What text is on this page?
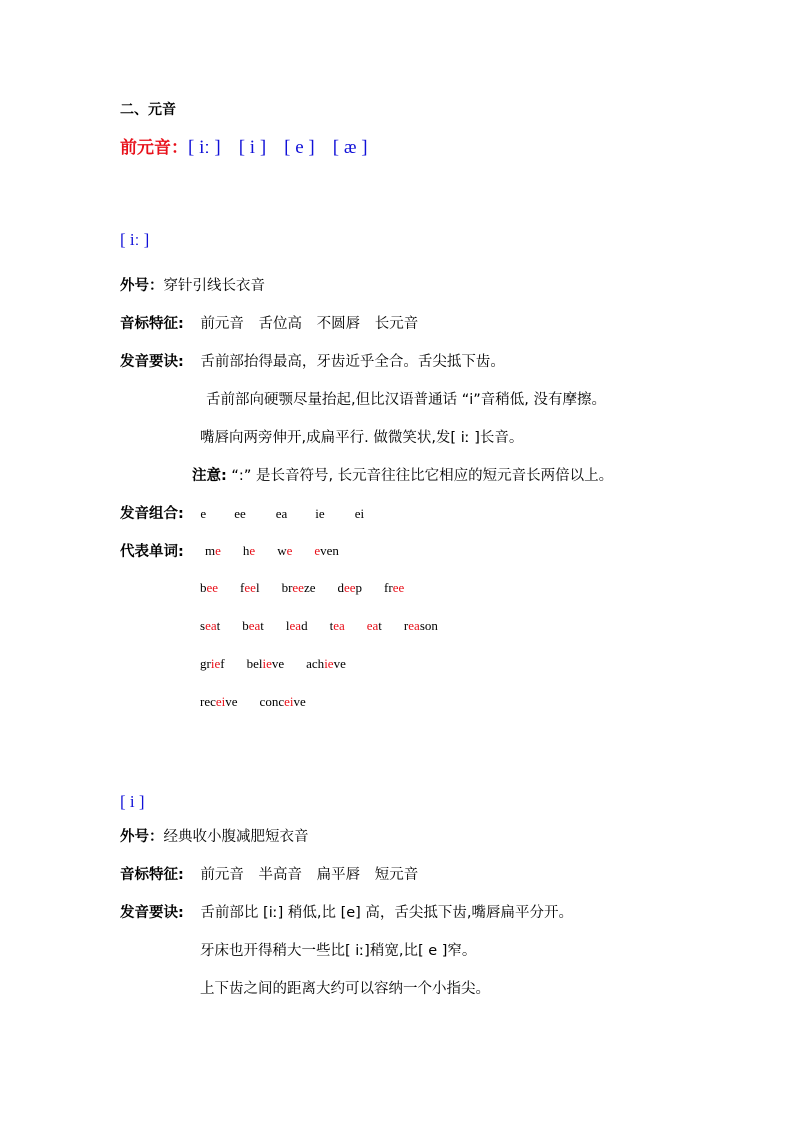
二、元音
前元音：[ iː ] [ i ] [ e ] [ æ ]
[ iː ]
外号：穿针引线长衣音
音标特征: 前元音 舌位高 不圆唇 长元音
发音要诀: 舌前部抬得最高，牙齿近乎全合。舌尖抵下齿。
舌前部向硬颚尽量抬起,但比汉语普通话 “i”音稍低, 没有摩擦。
嘴唇向两旁伸开,成扁平行. 做微笑状,发[ iː ]长音。
注意: “:” 是长音符号, 长元音往往比它相应的短元音长两倍以上。
发音组合: e ee ea ie ei
代表单词: me he we even
bee feel breeze deep free
seat beat lead tea eat reason
grief believe achieve
receive conceive
[ i ]
外号：经典收小腹减肥短衣音
音标特征: 前元音 半高音 扁平唇 短元音
发音要诀: 舌前部比 [iː] 稍低,比 [e] 高，舌尖抵下齿,嘴唇扁平分开。
牙床也开得稍大一些比[ iː]稍宽,比[ e ]窄。
上下齿之间的距离大约可以容纳一个小指尖。
